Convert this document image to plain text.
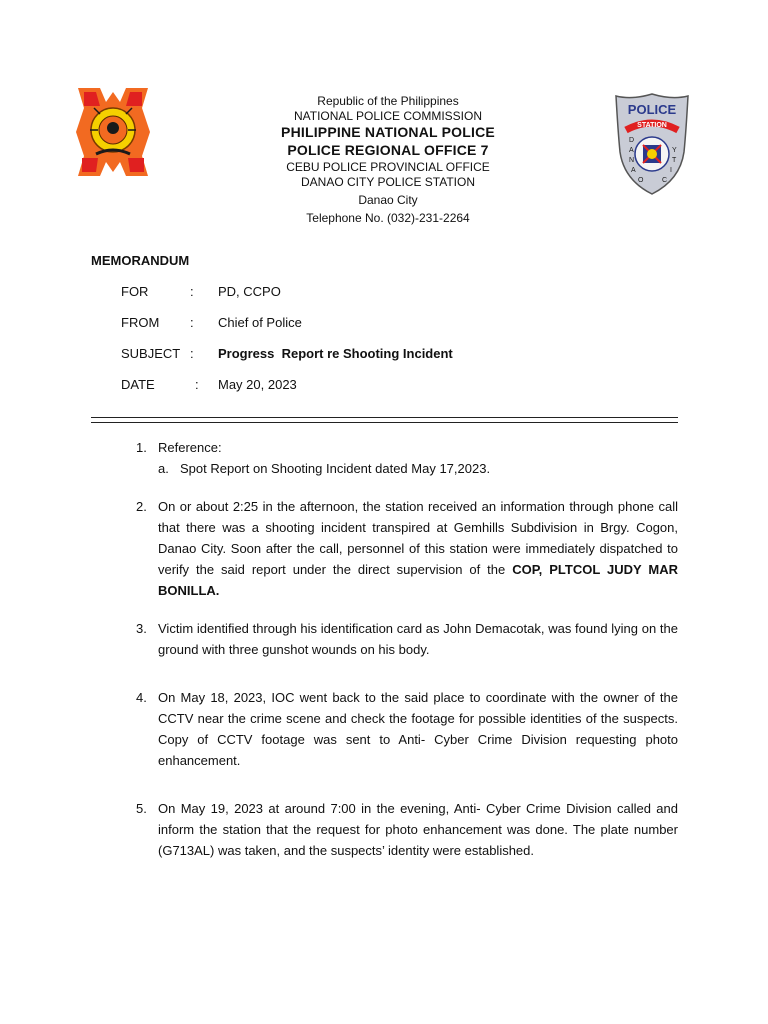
Republic of the Philippines
NATIONAL POLICE COMMISSION
PHILIPPINE NATIONAL POLICE
POLICE REGIONAL OFFICE 7
CEBU POLICE PROVINCIAL OFFICE
DANAO CITY POLICE STATION
Danao City
Telephone No. (032)-231-2264
POLICE
STATION
D
A
N
A
O	C
I
T
Y
MEMORANDUM
FOR	: PD, CCPO
FROM	: Chief of Police
SUBJECT : Progress  Report re Shooting Incident
DATE	: May 20, 2023
1. Reference:
a. Spot Report on Shooting Incident dated May 17,2023.
2. On or about 2:25 in the afternoon, the station received an information through phone call that there was a shooting incident transpired at Gemhills Subdivision in Brgy. Cogon, Danao City. Soon after the call, personnel of this station were immediately dispatched to verify the said report under the direct supervision of the COP, PLTCOL JUDY MAR BONILLA.
3. Victim identified through his identification card as John Demacotak, was found lying on the ground with three gunshot wounds on his body.
4. On May 18, 2023, IOC went back to the said place to coordinate with the owner of the CCTV near the crime scene and check the footage for possible identities of the suspects. Copy of CCTV footage was sent to Anti- Cyber Crime Division requesting photo enhancement.
5. On May 19, 2023 at around 7:00 in the evening, Anti- Cyber Crime Division called and inform the station that the request for photo enhancement was done. The plate number (G713AL) was taken, and the suspects’ identity were established.
